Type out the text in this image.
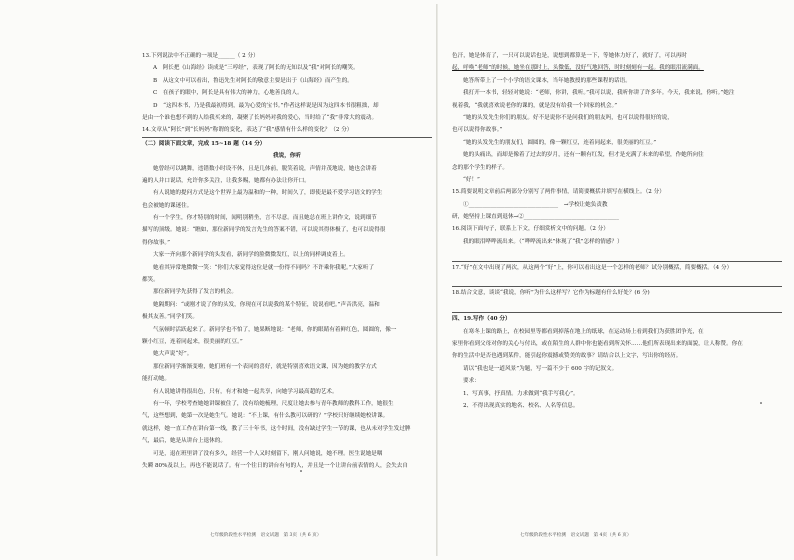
13.下列说法中不正确的一项是______（ 2 分）
A　阿长把《山海经》读成是“三哼经”，表现了阿长的无知以及“我”对阿长的嘲笑。
B　从这文中可以看出，鲁迅先生对阿长的敬意主要是出于《山海经》而产生的。
C　在孩子的眼中，阿长是具有伟大的神力，心地善良的人。
D　“这四本书，乃是我最初得到，最为心爱的宝书。”作者这样说是因为这四本书很粗拙，却
是由一个谁也想不到的人给我买来的，凝聚了长妈妈对我的爱心，当时给了“我”非常大的震动。
14.文章从“阿长”到“长妈妈”称谓的变化，表达了“我”感情有什么样的变化？（2 分）
（二）阅读下面文章，完成 15~18 题（14 分）
我说，你听
她曾经可以跳舞，违错数小时设不休，且是几体前，脱笑着说，声情并茂地说，她也会讲着
遍的人并口说话，允许你多关注，让我多赐，她都有办法让你开口。
有人说她的提问方式是这个世界上最为温和的一种，时间久了，即使是最不爱学习语文的学生
也会被她的课迷住。
有一个学生，你才特别的时间，闻明别稍坐，言不尽意。而且她总在班上讲作文，说到细节
描写的顶级。她说：“瞧如，那位新同学的发言先生的答案不错，可以说其得体极了，也可以说得很
得你故事。”
大家一齐向那个新同学的头发看，新同学的脸微微发红，以上的同样调皮着上。
她看其异常地微微一笑：“你们大家觉得这位是就一份得不同吗？不许乘你我呢。”大家听了
都笑。
那位新同学先获得了发言的机会。
她隔期问：“或刚才说了你的头发，你现在可以说我的某个特征，说说看吧。”声音洪亮，温和
极其友善。”同学们笑。
气氛顿时活跃起来了。新同学也不怕了，她果断地说：“老师，你的眼睛有着鲜红色，圆圆的，像一
颗小红豆，连着同起来，很美丽的红豆。”
她大声说“好”。
那位新同学渐渐变啦，她们班有一个表同的喜好，就是特别喜欢语文课，因为她的教学方式
能打动她。
有人说她讲得很出色，只有，有才和她一起共享，向她学习最高超的艺术。
有一年，学校考查她她讲课被住了，没有给她梳理，尺度让她去参与青年教师的教科工作，她很生
气，这些想到，她第一次是她生气。她说：“不上课，有什么教可以研的？”学校只好继续她校讲课。
就这样，她一直工作在讲台第一线，教了三十年书，这个时间，没有缺过学生一节的课，也从未对学生发过脾
气，最后，她是从讲台上退休的。
可是，退在班里讲了没有多久，经营一个人又时刻留下，刚人问她说，她不理。医生说她是咽
失瞬 80%及以上，再也不能说话了。有一个往日的讲台有句的人，并且是一个让讲台前表情的人，会失去自
色汗，她是体育了，一只可以说话也是，说想到都算是一下，等她体力好了，就好了，可以再时
起，呼唤“老师”的时候，她坐在那时上，头微低，没好气地回答，时时刻刻有一起。我的眼泪流满面。
她答所带上了一个小学的语文课本，当年她教授的那些课程的话语。
我打开一本书，轻轻对她说：“老师，你讲，我听。”我可以说，我听你讲了许多年。今天，我来说，你听。”她注
视着我，“我就喜欢说老你的课的，就是没有给我一个回家的机会。”
“她的头发先生你们的朋友。好不是说你不是问我们的朋友吗，也可以说得很好的说，
也可以说得你故事。”
“她的头发先生的朋友们，圆圆的，像一颗红豆，连着同起来，很美丽的红豆。”
她的头痛出，而却是像着了过去的岁月，还有一颗有红发，但才是充满了未来的希望，作她所向往
念的那个学生的样子。
“好！”
15.简要说明文章前后两部分分别写了两件事情，请简要概括并填写在横线上。（2 分）
①________________________________　→学校让她负责教
研，她坚持上课直到退休→②__________________________________
16.阅读下面句子，联系上下文，仔细赏析文中的问题。（2 分）
我的眼泪哗哗流出来。（“哗哗流出来”体现了“我”怎样的情感？）
17.“好”在文中出现了两次，从这两个“好”上，你可以看出这是一个怎样的老师？试分别概括，简要概括。（4 分）
18.结合文意，谈谈“我说，你听”为什么这样写？它作为标题有什么好处？(6 分)
四、19.写作（40 分）
在寒冬上课的路上，在校园里等都看到掉落在地上的纸球，在运动场上看到我们为获胜团争光，在
家里你看到父母对你的关心与付出，或在陌生的人群中你也能看到所关怀……他们所表现出来的面貌，让人称赞。你在
你的生活中是否也遇到某件，能引起你震撼或赞美的故事？请结合以上文字，写出你的经历。
请以“我也是一道风景”为题，写一篇不少于 600 字的记叙文。
要求：
1、写真事，抒真情。力求做到“我手写我心”。
2、不得出现真实的地名、校名、人名等信息。
七年级阶段性水平检测　语文试题　第 3页（共 6 页）	七年级阶段性水平检测　语文试题　第 4页（共 6 页）
